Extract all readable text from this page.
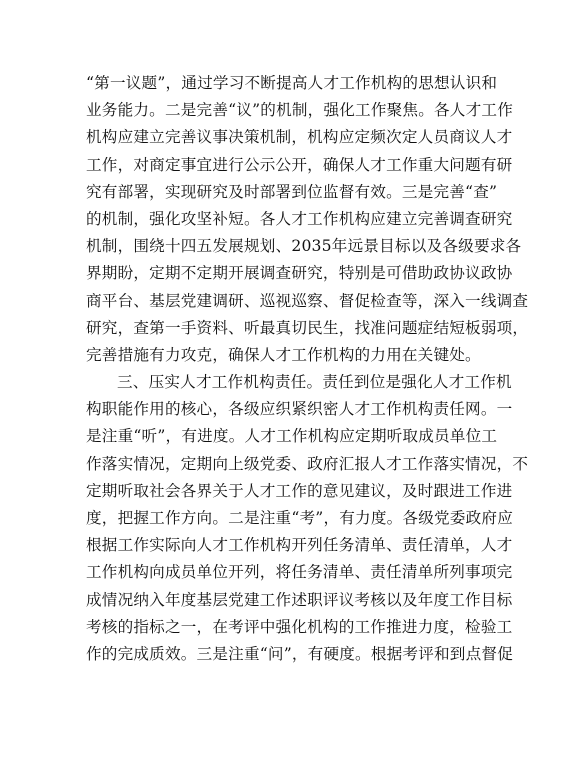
“第一议题”，通过学习不断提高人才工作机构的思想认识和
业务能力。二是完善“议”的机制，强化工作聚焦。各人才工作
机构应建立完善议事决策机制，机构应定频次定人员商议人才
工作，对商定事宜进行公示公开，确保人才工作重大问题有研
究有部署，实现研究及时部署到位监督有效。三是完善“查”
的机制，强化攻坚补短。各人才工作机构应建立完善调查研究
机制，围绕十四五发展规划、2035年远景目标以及各级要求各
界期盼，定期不定期开展调查研究，特别是可借助政协议政协
商平台、基层党建调研、巡视巡察、督促检查等，深入一线调查
研究，查第一手资料、听最真切民生，找准问题症结短板弱项，
完善措施有力攻克，确保人才工作机构的力用在关键处。
三、压实人才工作机构责任。责任到位是强化人才工作机
构职能作用的核心，各级应织紧织密人才工作机构责任网。一
是注重“听”，有进度。人才工作机构应定期听取成员单位工
作落实情况，定期向上级党委、政府汇报人才工作落实情况，不
定期听取社会各界关于人才工作的意见建议，及时跟进工作进
度，把握工作方向。二是注重“考”，有力度。各级党委政府应
根据工作实际向人才工作机构开列任务清单、责任清单，人才
工作机构向成员单位开列，将任务清单、责任清单所列事项完
成情况纳入年度基层党建工作述职评议考核以及年度工作目标
考核的指标之一，在考评中强化机构的工作推进力度，检验工
作的完成质效。三是注重“问”，有硬度。根据考评和到点督促
